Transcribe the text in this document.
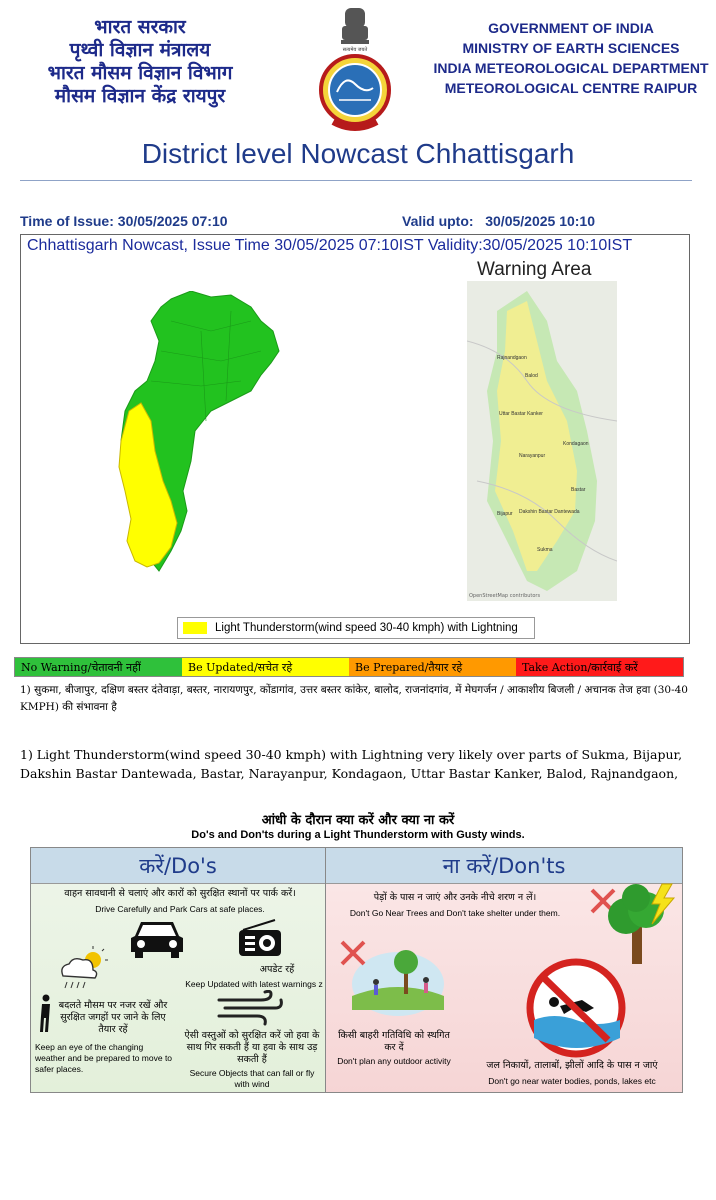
भारत सरकार
पृथ्वी विज्ञान मंत्रालय
भारत मौसम विज्ञान विभाग
मौसम विज्ञान केंद्र रायपुर
सत्यमेव जयते
GOVERNMENT OF INDIA
MINISTRY OF EARTH SCIENCES
INDIA METEOROLOGICAL DEPARTMENT
METEOROLOGICAL CENTRE RAIPUR
District level Nowcast Chhattisgarh
Time of Issue: 30/05/2025 07:10	Valid upto: 30/05/2025 10:10
Chhattisgarh Nowcast, Issue Time 30/05/2025 07:10IST Validity:30/05/2025 10:10IST
Warning Area
Rajnandgaon
Balod
Uttar Bastar Kanker
Kondagaon
Narayanpur
Bastar
Bijapur Dakshin Bastar Dantewada
Sukma
OpenStreetMap contributors
Light Thunderstorm(wind speed 30-40 kmph) with Lightning
No Warning/चेतावनी नहीं	Be Updated/सचेत रहे	Be Prepared/तैयार रहे	Take Action/कार्रवाई करें
1) सुकमा, बीजापुर, दक्षिण बस्तर दंतेवाड़ा, बस्तर, नारायणपुर, कोंडागांव, उत्तर बस्तर कांकेर, बालोद, राजनांदगांव, में मेघगर्जन / आकाशीय बिजली / अचानक तेज हवा (30-40 KMPH) की संभावना है
1) Light Thunderstorm(wind speed 30-40 kmph) with Lightning very likely over parts of Sukma, Bijapur, Dakshin Bastar Dantewada, Bastar, Narayanpur, Kondagaon, Uttar Bastar Kanker, Balod, Rajnandgaon,
आंधी के दौरान क्या करें और क्या ना करें
Do's and Don'ts during a Light Thunderstorm with Gusty winds.
करें/Do's
वाहन सावधानी से चलाएं और कारों को सुरक्षित स्थानों पर पार्क करें।
Drive Carefully and Park Cars at safe places.
अपडेट रहें
Keep Updated with latest warnings z
बदलते मौसम पर नजर रखें और सुरक्षित जगहों पर जाने के लिए तैयार रहें
Keep an eye of the changing weather and be prepared to move to safer places.
ऐसी वस्तुओं को सुरक्षित करें जो हवा के साथ गिर सकती हैं या हवा के साथ उड़ सकती हैं
Secure Objects that can fall or fly with wind
ना करें/Don'ts
पेड़ों के पास न जाएं और उनके नीचे शरण न लें।
Don't Go Near Trees and Don't take shelter under them.
किसी बाहरी गतिविधि को स्थगित कर दें
Don't plan any outdoor activity	जल निकायों, तालाबों, झीलों आदि के पास न जाएं
Don't go near water bodies, ponds, lakes etc
